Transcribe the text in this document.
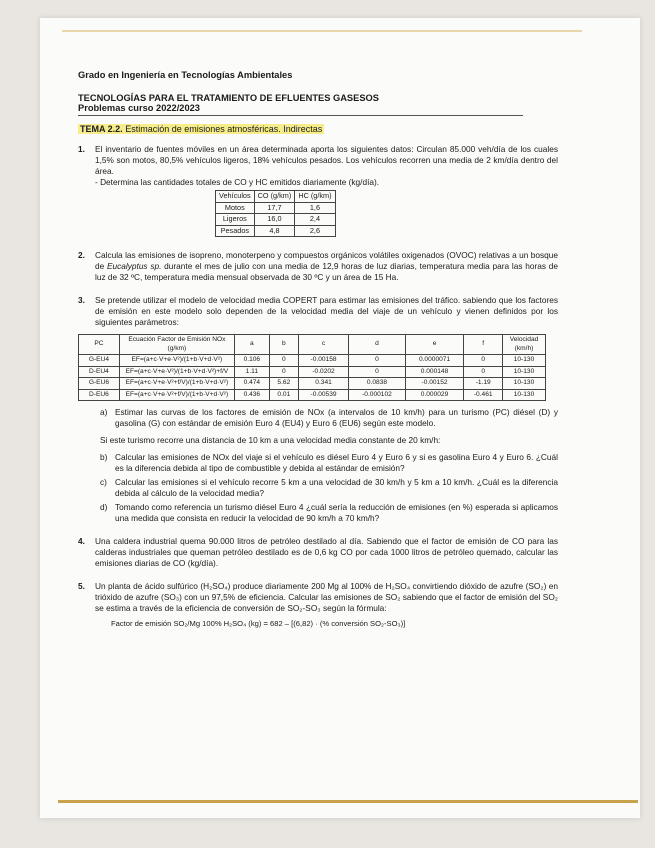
Grado en Ingeniería en Tecnologías Ambientales
TECNOLOGÍAS PARA EL TRATAMIENTO DE EFLUENTES GASESOS
Problemas curso 2022/2023
TEMA 2.2. Estimación de emisiones atmosféricas. Indirectas
1. El inventario de fuentes móviles en un área determinada aporta los siguientes datos: Circulan 85.000 veh/día de los cuales 1,5% son motos, 80,5% vehículos ligeros, 18% vehículos pesados. Los vehículos recorren una media de 2 km/día dentro del área.
- Determina las cantidades totales de CO y HC emitidos diariamente (kg/día).
Vehículos	CO (g/km)	HC (g/km)
Motos	17,7	1,6
Ligeros	16,0	2,4
Pesados	4,8	2,6
2. Calcula las emisiones de isopreno, monoterpeno y compuestos orgánicos volátiles oxigenados (OVOC) relativas a un bosque de Eucalyptus sp. durante el mes de julio con una media de 12,9 horas de luz diarias, temperatura media para las horas de luz de 32 ºC, temperatura media mensual observada de 30 ºC y un área de 15 Ha.
3. Se pretende utilizar el modelo de velocidad media COPERT para estimar las emisiones del tráfico. sabiendo que los factores de emisión en este modelo solo dependen de la velocidad media del viaje de un vehículo y vienen definidos por los siguientes parámetros:
PC	Ecuación Factor de Emisión NOx (g/km)	a	b	c	d	e	f	Velocidad (km/h)
G-EU4	EF=(a+c·V+e·V²)/(1+b·V+d·V²)	0.106	0	-0.00158	0	0.0000071	0	10-130
D-EU4	EF=(a+c·V+e·V²)/(1+b·V+d·V²)+f/V	1.11	0	-0.0202	0	0.000148	0	10-130
G-EU6	EF=(a+c·V+e·V²+f/V)/(1+b·V+d·V²)	0.474	5.62	0.341	0.0838	-0.00152	-1.19	10-130
D-EU6	EF=(a+c·V+e·V²+f/V)/(1+b·V+d·V²)	0.436	0.01	-0.00539	-0.000102	0.000029	-0.461	10-130
a) Estimar las curvas de los factores de emisión de NOx (a intervalos de 10 km/h) para un turismo (PC) diésel (D) y gasolina (G) con estándar de emisión Euro 4 (EU4) y Euro 6 (EU6) según este modelo.
Si este turismo recorre una distancia de 10 km a una velocidad media constante de 20 km/h:
b) Calcular las emisiones de NOx del viaje si el vehículo es diésel Euro 4 y Euro 6 y si es gasolina Euro 4 y Euro 6. ¿Cuál es la diferencia debida al tipo de combustible y debida al estándar de emisión?
c) Calcular las emisiones si el vehículo recorre 5 km a una velocidad de 30 km/h y 5 km a 10 km/h. ¿Cuál es la diferencia debida al cálculo de la velocidad media?
d) Tomando como referencia un turismo diésel Euro 4 ¿cuál sería la reducción de emisiones (en %) esperada si aplicamos una medida que consista en reducir la velocidad de 90 km/h a 70 km/h?
4. Una caldera industrial quema 90.000 litros de petróleo destilado al día. Sabiendo que el factor de emisión de CO para las calderas industriales que queman petróleo destilado es de 0,6 kg CO por cada 1000 litros de petróleo quemado, calcular las emisiones diarias de CO (kg/día).
5. Un planta de ácido sulfúrico (H₂SO₄) produce diariamente 200 Mg al 100% de H₂SO₄ convirtiendo dióxido de azufre (SO₂) en trióxido de azufre (SO₃) con un 97,5% de eficiencia. Calcular las emisiones de SO₂ sabiendo que el factor de emisión del SO₂ se estima a través de la eficiencia de conversión de SO₂-SO₃ según la fórmula:
Factor de emisión SO₂/Mg 100% H₂SO₄ (kg) = 682 – [(6,82) · (% conversión SO₂-SO₃)]
